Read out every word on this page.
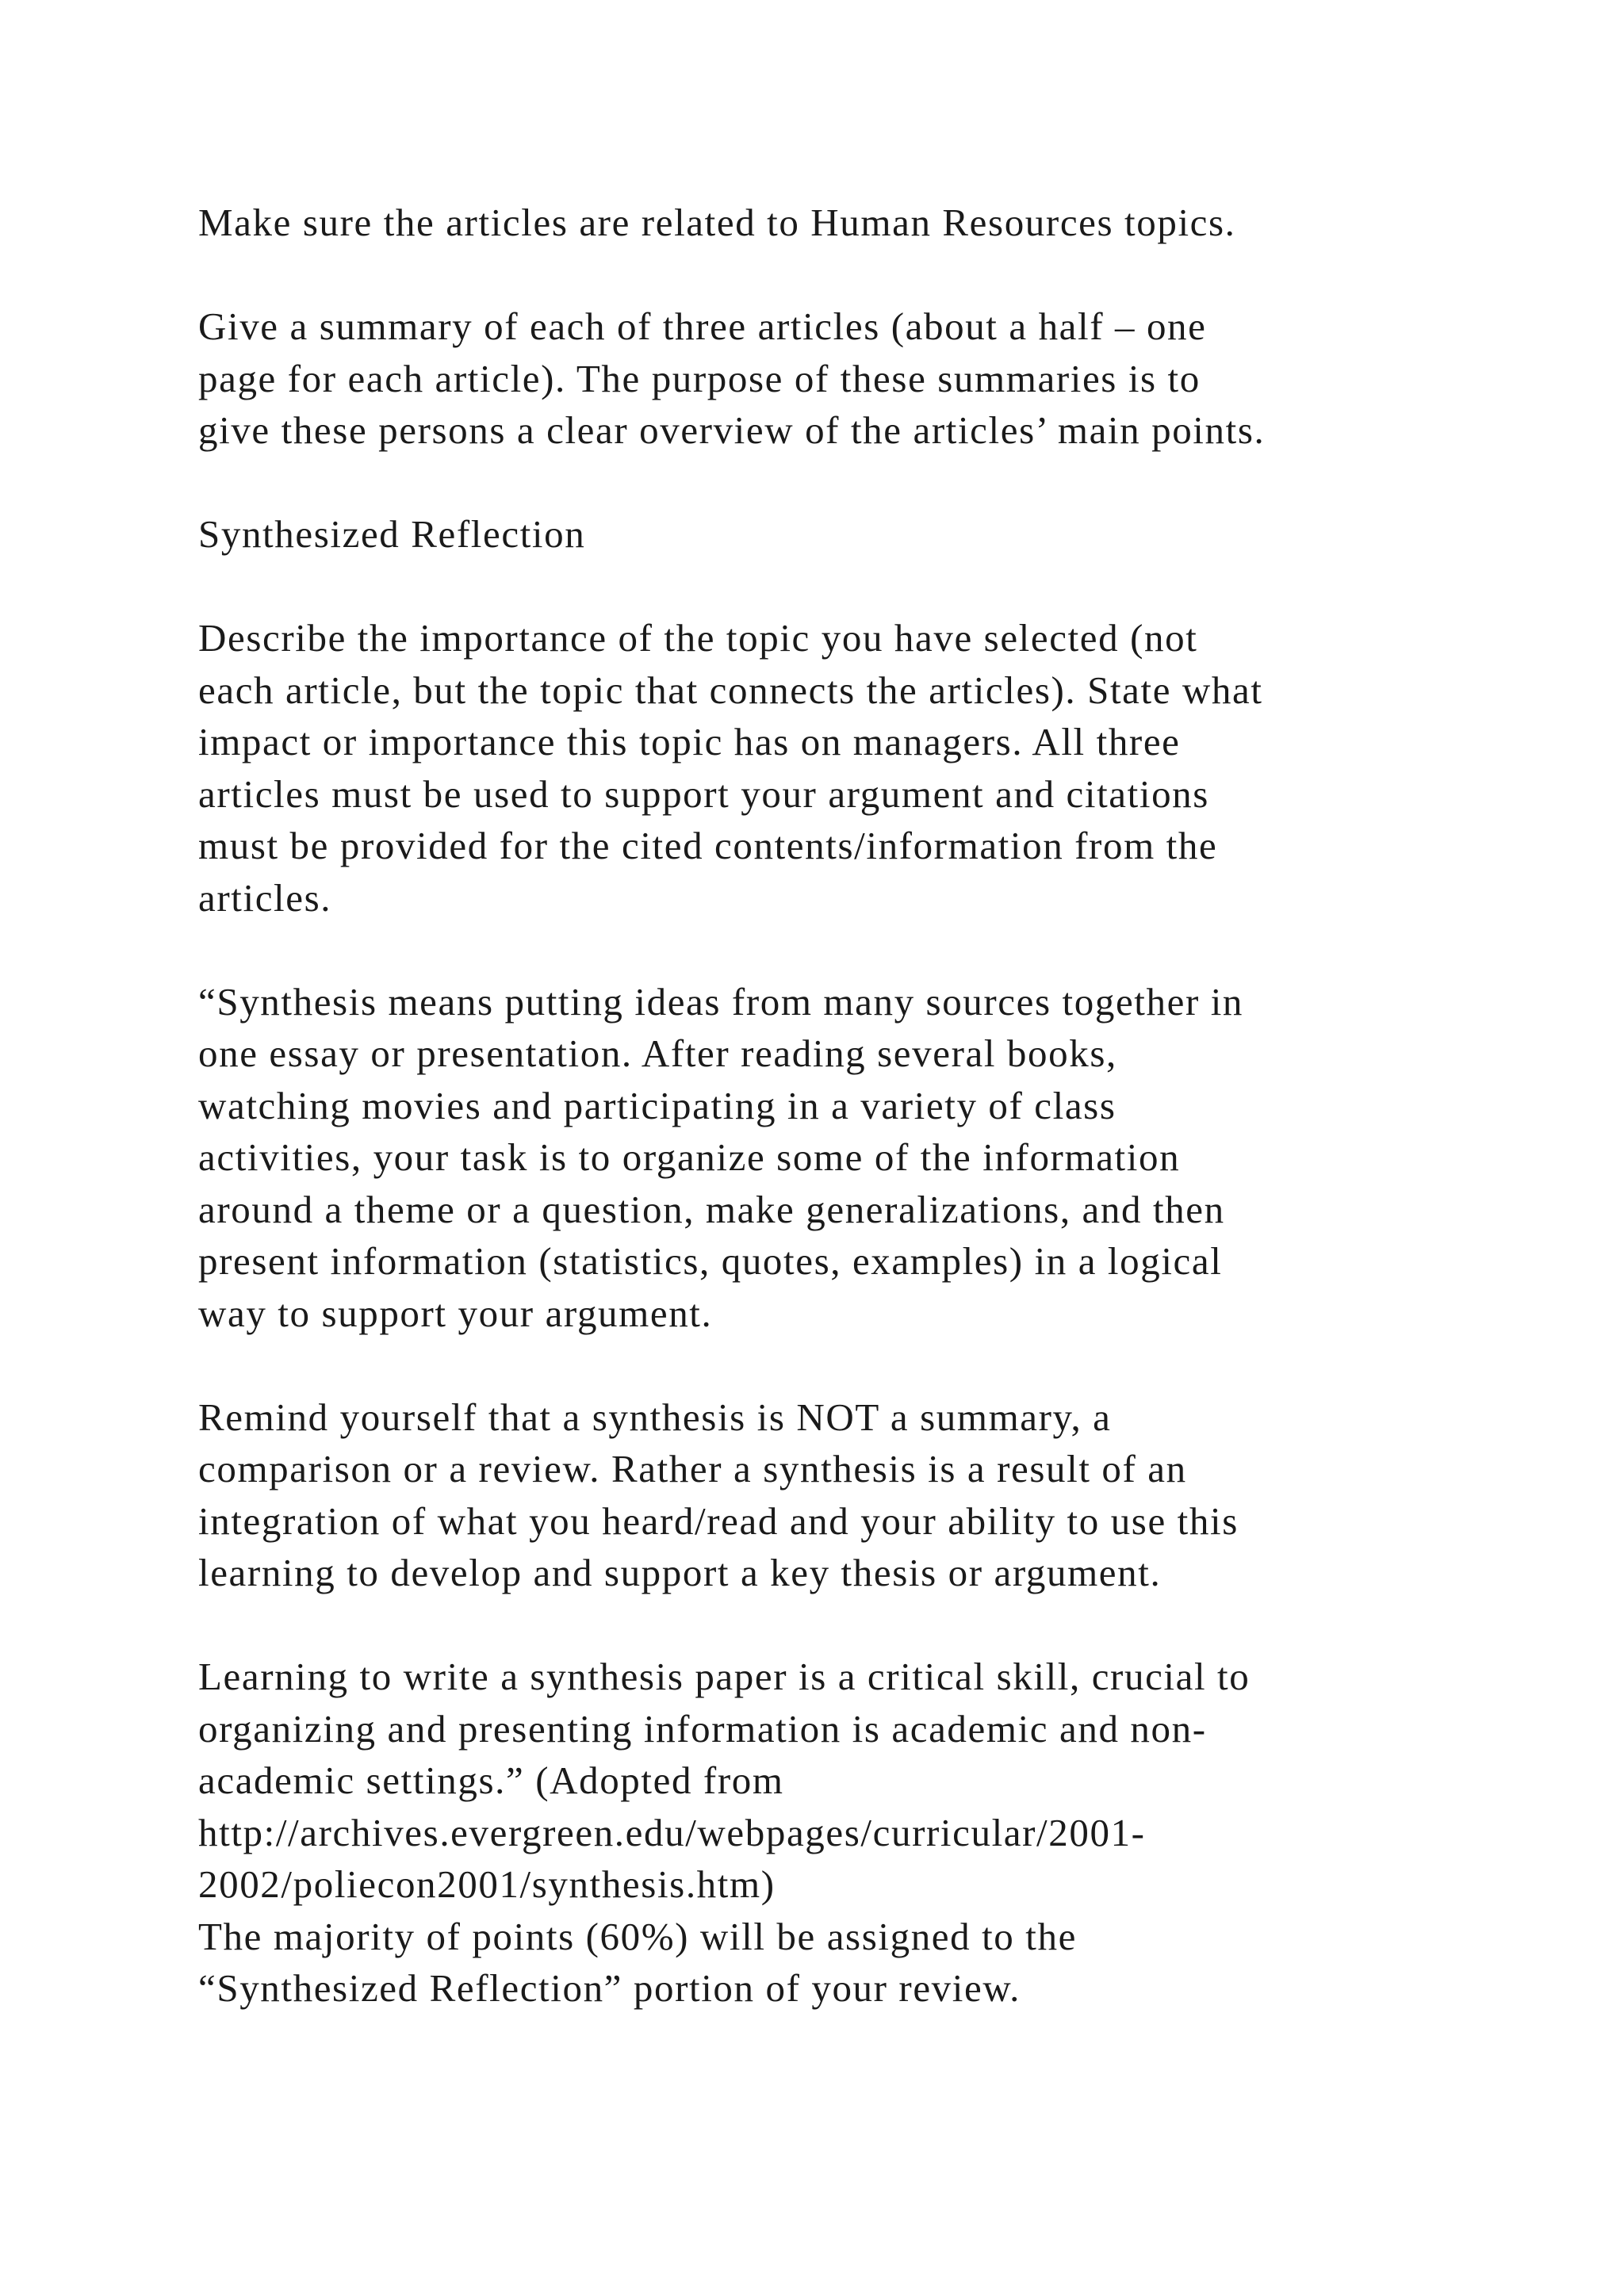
Make sure the articles are related to Human Resources topics.
Give a summary of each of three articles (about a half – one
page for each article). The purpose of these summaries is to
give these persons a clear overview of the articles’ main points.
Synthesized Reflection
Describe the importance of the topic you have selected (not
each article, but the topic that connects the articles). State what
impact or importance this topic has on managers. All three
articles must be used to support your argument and citations
must be provided for the cited contents/information from the
articles.
“Synthesis means putting ideas from many sources together in
one essay or presentation. After reading several books,
watching movies and participating in a variety of class
activities, your task is to organize some of the information
around a theme or a question, make generalizations, and then
present information (statistics, quotes, examples) in a logical
way to support your argument.
Remind yourself that a synthesis is NOT a summary, a
comparison or a review. Rather a synthesis is a result of an
integration of what you heard/read and your ability to use this
learning to develop and support a key thesis or argument.
Learning to write a synthesis paper is a critical skill, crucial to
organizing and presenting information is academic and non-
academic settings.” (Adopted from
http://archives.evergreen.edu/webpages/curricular/2001-
2002/poliecon2001/synthesis.htm)
The majority of points (60%) will be assigned to the
“Synthesized Reflection” portion of your review.
